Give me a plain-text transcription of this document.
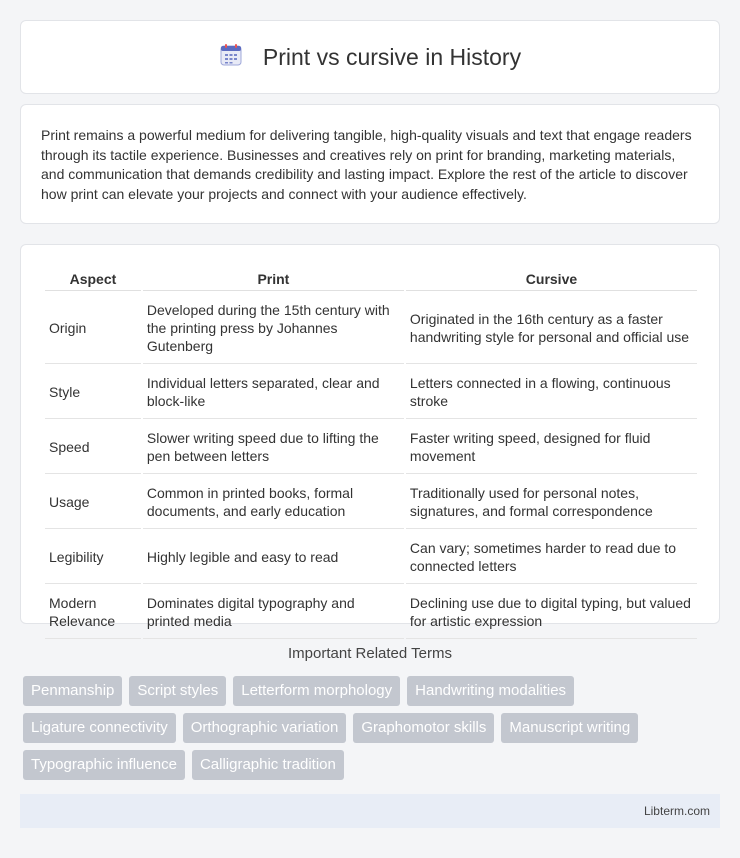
Print vs cursive in History

Print remains a powerful medium for delivering tangible, high-quality visuals and text that engage readers through its tactile experience. Businesses and creatives rely on print for branding, marketing materials, and communication that demands credibility and lasting impact. Explore the rest of the article to discover how print can elevate your projects and connect with your audience effectively.

Aspect	Print	Cursive
Origin	Developed during the 15th century with the printing press by Johannes Gutenberg	Originated in the 16th century as a faster handwriting style for personal and official use
Style	Individual letters separated, clear and block-like	Letters connected in a flowing, continuous stroke
Speed	Slower writing speed due to lifting the pen between letters	Faster writing speed, designed for fluid movement
Usage	Common in printed books, formal documents, and early education	Traditionally used for personal notes, signatures, and formal correspondence
Legibility	Highly legible and easy to read	Can vary; sometimes harder to read due to connected letters
Modern Relevance	Dominates digital typography and printed media	Declining use due to digital typing, but valued for artistic expression
Important Related Terms
Penmanship	Script styles	Letterform morphology	Handwriting modalities
Ligature connectivity	Orthographic variation	Graphomotor skills	Manuscript writing
Typographic influence	Calligraphic tradition
Libterm.com
